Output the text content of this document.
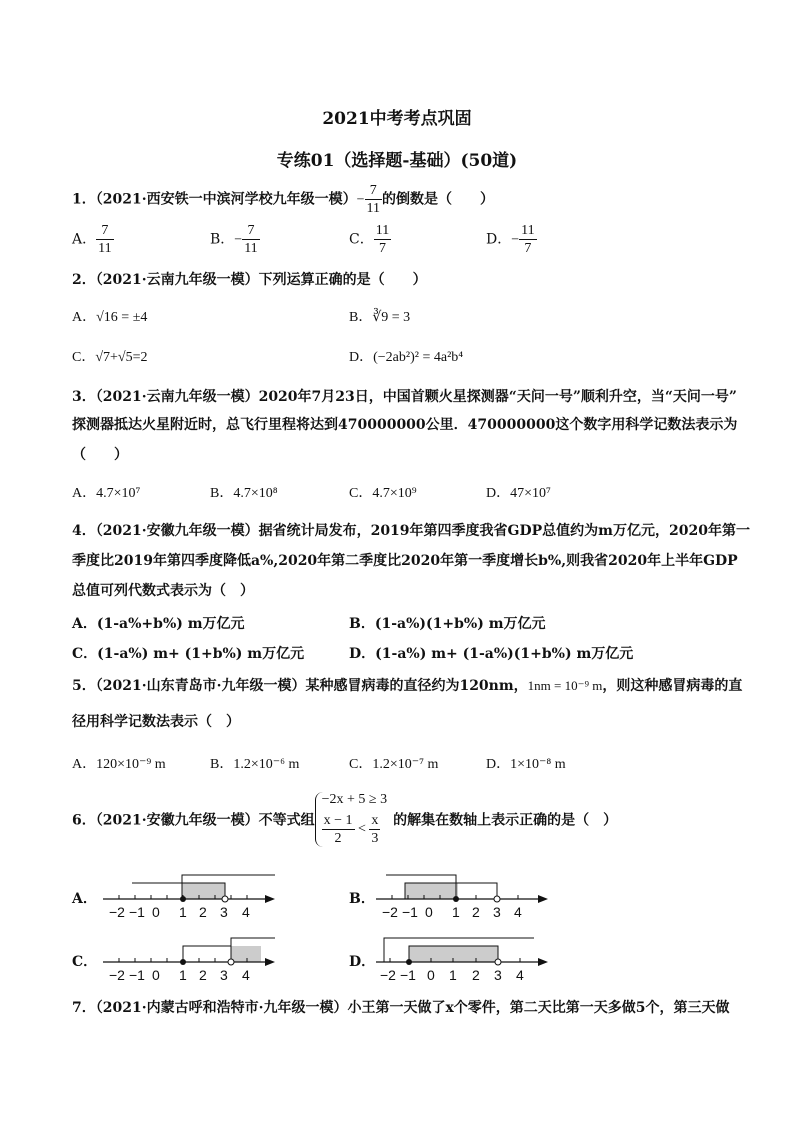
2021中考考点巩固
专练01（选择题-基础）(50道)
1．（2021·西安铁一中滨河学校九年级一模）− $\frac{7}{11}$ 的倒数是（　　）
A． $\frac{7}{11}$	B．− $\frac{7}{11}$	C． $\frac{11}{7}$	D．− $\frac{11}{7}$
2．（2021·云南九年级一模）下列运算正确的是（　　）
A．√16 = ±4	B．∛9 = 3
C．√7+√5=2	D．(−2ab²)² = 4a²b⁴
3．（2021·云南九年级一模）2020年7月23日，中国首颗火星探测器“天问一号”顺利升空，当“天问一号”
探测器抵达火星附近时，总飞行里程将达到470000000公里．470000000这个数字用科学记数法表示为
（　　）
A．4.7×10⁷	B．4.7×10⁸	C．4.7×10⁹	D．47×10⁷
4．（2021·安徽九年级一模）据省统计局发布，2019年第四季度我省GDP总值约为m万亿元，2020年第一
季度比2019年第四季度降低a%,2020年第二季度比2020年第一季度增长b%,则我省2020年上半年GDP
总值可列代数式表示为（　）
A．(1-a%+b%) m万亿元	B．(1-a%)(1+b%) m万亿元
C．(1-a%) m+ (1+b%) m万亿元	D．(1-a%) m+ (1-a%)(1+b%) m万亿元
5．（2021·山东青岛市·九年级一模）某种感冒病毒的直径约为120nm，1nm = 10⁻⁹ m，则这种感冒病毒的直
径用科学记数法表示（　）
A．120×10⁻⁹ m	B．1.2×10⁻⁶ m	C．1.2×10⁻⁷ m	D．1×10⁻⁸ m
6．（2021·安徽九年级一模）不等式组
−2x + 5 ≥ 3
$\frac{x - 1}{2} < \frac{x}{3}$ 的解集在数轴上表示正确的是（　）
A．	B．
C．	D．
−2 −1 0 1 2 3 4	−2 −1 0 1 2 3 4
−2 −1 0 1 2 3 4	−2 −1 0 1 2 3 4
7．（2021·内蒙古呼和浩特市·九年级一模）小王第一天做了x个零件，第二天比第一天多做5个，第三天做
